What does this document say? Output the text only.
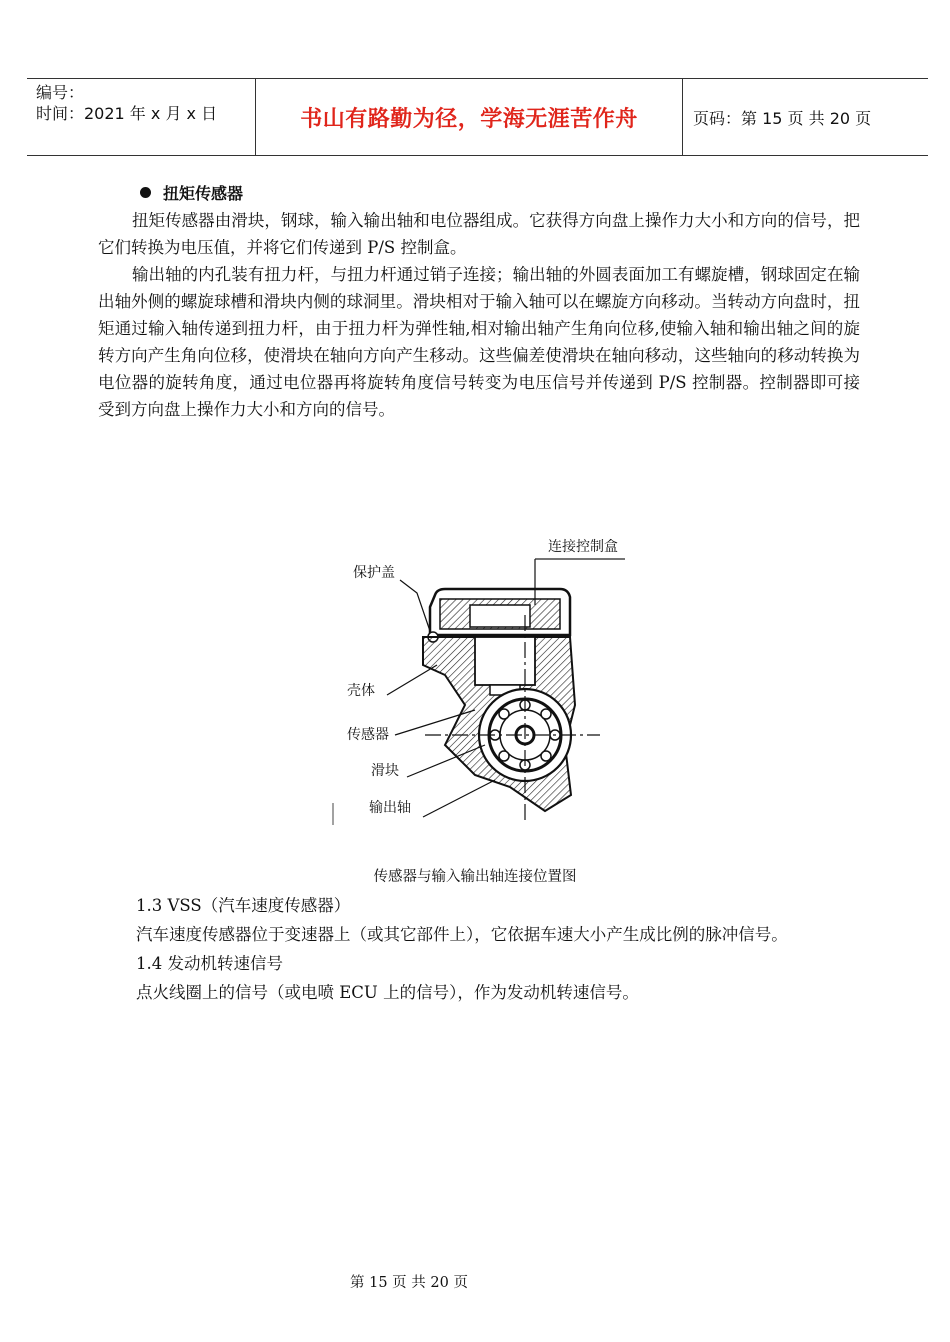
编号：
时间：2021 年 x 月 x 日	书山有路勤为径，学海无涯苦作舟	页码：第 15 页 共 20 页

扭矩传感器

扭矩传感器由滑块，钢球，输入输出轴和电位器组成。它获得方向盘上操作力大小和方向的信号，把它们转换为电压值，并将它们传递到 P/S 控制盒。

输出轴的内孔装有扭力杆，与扭力杆通过销子连接；输出轴的外圆表面加工有螺旋槽，钢球固定在输出轴外侧的螺旋球槽和滑块内侧的球洞里。滑块相对于输入轴可以在螺旋方向移动。当转动方向盘时，扭矩通过输入轴传递到扭力杆，由于扭力杆为弹性轴,相对输出轴产生角向位移,使输入轴和输出轴之间的旋转方向产生角向位移，使滑块在轴向方向产生移动。这些偏差使滑块在轴向移动，这些轴向的移动转换为电位器的旋转角度，通过电位器再将旋转角度信号转变为电压信号并传递到 P/S 控制器。控制器即可接受到方向盘上操作力大小和方向的信号。

连接控制盒
保护盖
壳体
传感器
滑块
输出轴
传感器与输入输出轴连接位置图

1.3 VSS（汽车速度传感器）

汽车速度传感器位于变速器上（或其它部件上），它依据车速大小产生成比例的脉冲信号。

1.4 发动机转速信号

点火线圈上的信号（或电喷 ECU 上的信号），作为发动机转速信号。

第 15 页 共 20 页
